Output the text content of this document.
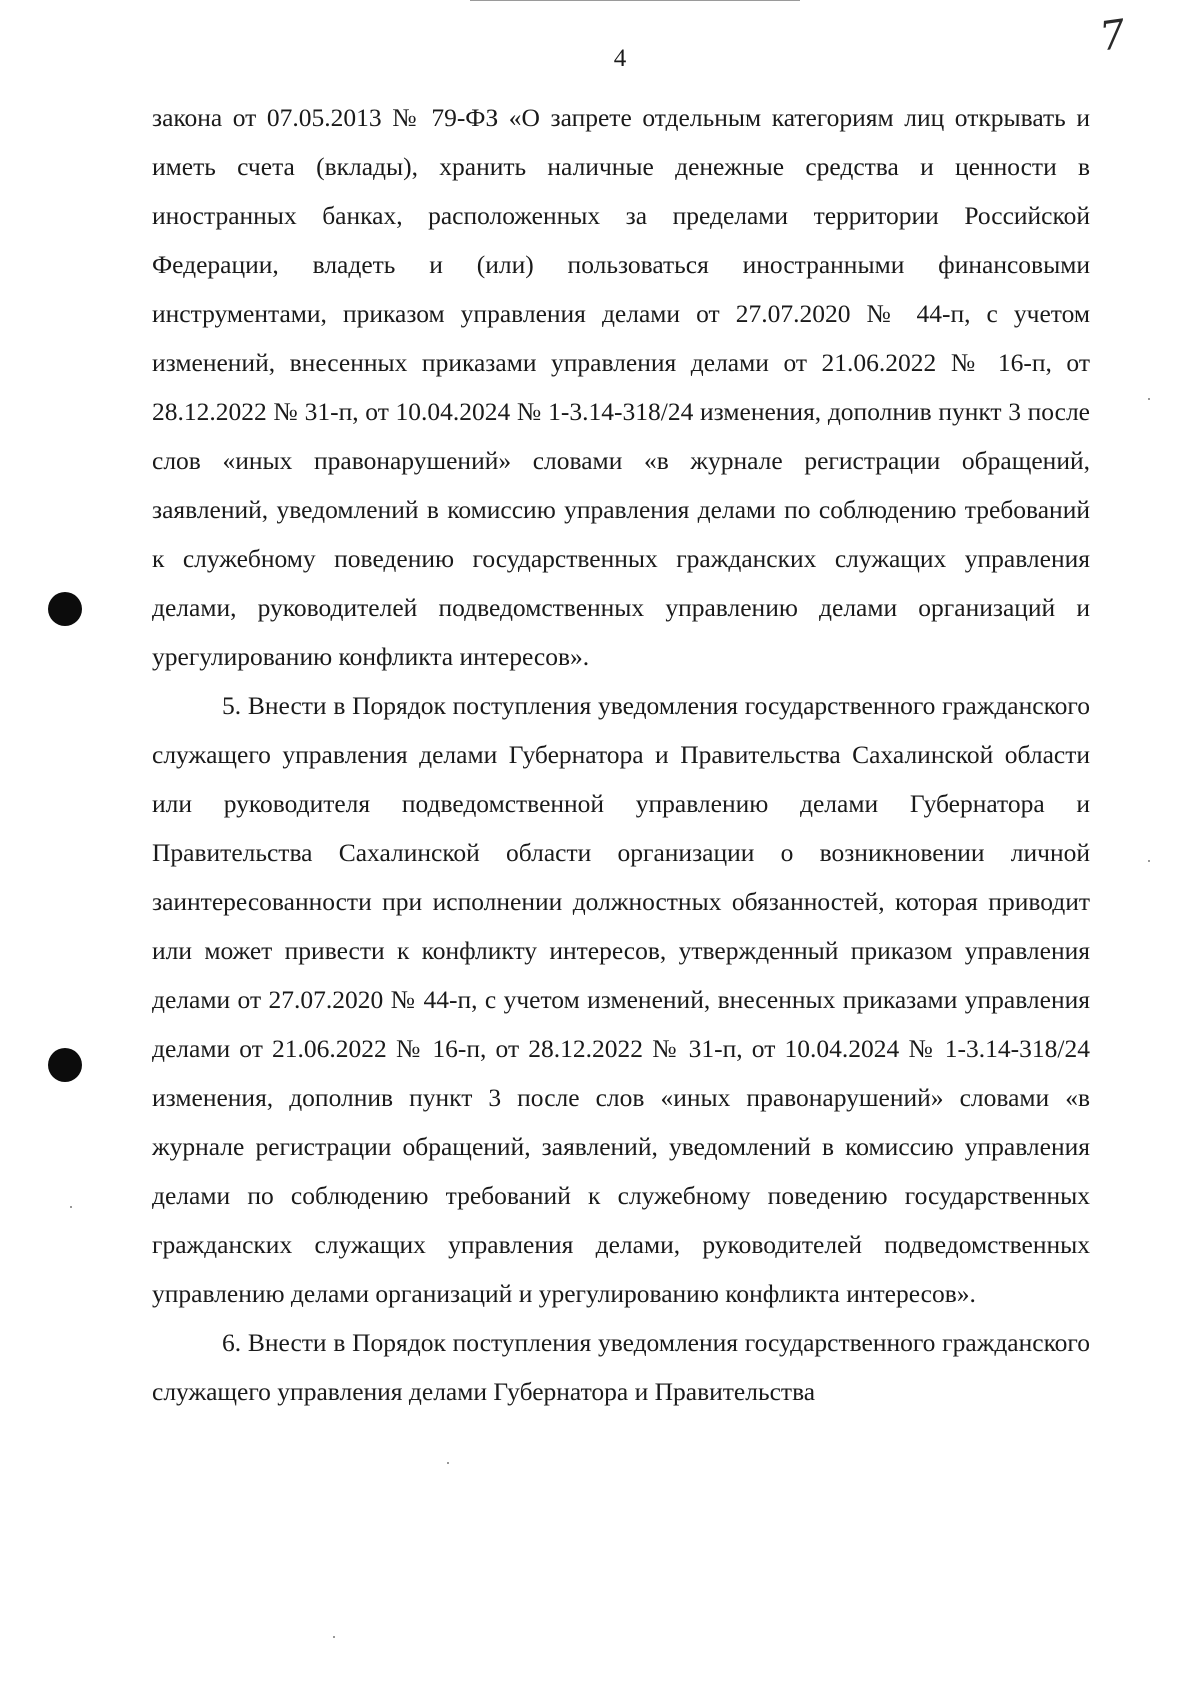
4	7

закона от 07.05.2013 № 79-ФЗ «О запрете отдельным категориям лиц открывать и иметь счета (вклады), хранить наличные денежные средства и ценности в иностранных банках, расположенных за пределами территории Российской Федерации, владеть и (или) пользоваться иностранными финансовыми инструментами, приказом управления делами от 27.07.2020 № 44-п, с учетом изменений, внесенных приказами управления делами от 21.06.2022 № 16-п, от 28.12.2022 № 31-п, от 10.04.2024 № 1-3.14-318/24 изменения, дополнив пункт 3 после слов «иных правонарушений» словами «в журнале регистрации обращений, заявлений, уведомлений в комиссию управления делами по соблюдению требований к служебному поведению государственных гражданских служащих управления делами, руководителей подведомственных управлению делами организаций и урегулированию конфликта интересов».

5. Внести в Порядок поступления уведомления государственного гражданского служащего управления делами Губернатора и Правительства Сахалинской области или руководителя подведомственной управлению делами Губернатора и Правительства Сахалинской области организации о возникновении личной заинтересованности при исполнении должностных обязанностей, которая приводит или может привести к конфликту интересов, утвержденный приказом управления делами от 27.07.2020 № 44-п, с учетом изменений, внесенных приказами управления делами от 21.06.2022 № 16-п, от 28.12.2022 № 31-п, от 10.04.2024 № 1-3.14-318/24 изменения, дополнив пункт 3 после слов «иных правонарушений» словами «в журнале регистрации обращений, заявлений, уведомлений в комиссию управления делами по соблюдению требований к служебному поведению государственных гражданских служащих управления делами, руководителей подведомственных управлению делами организаций и урегулированию конфликта интересов».

6. Внести в Порядок поступления уведомления государственного гражданского служащего управления делами Губернатора и Правительства
